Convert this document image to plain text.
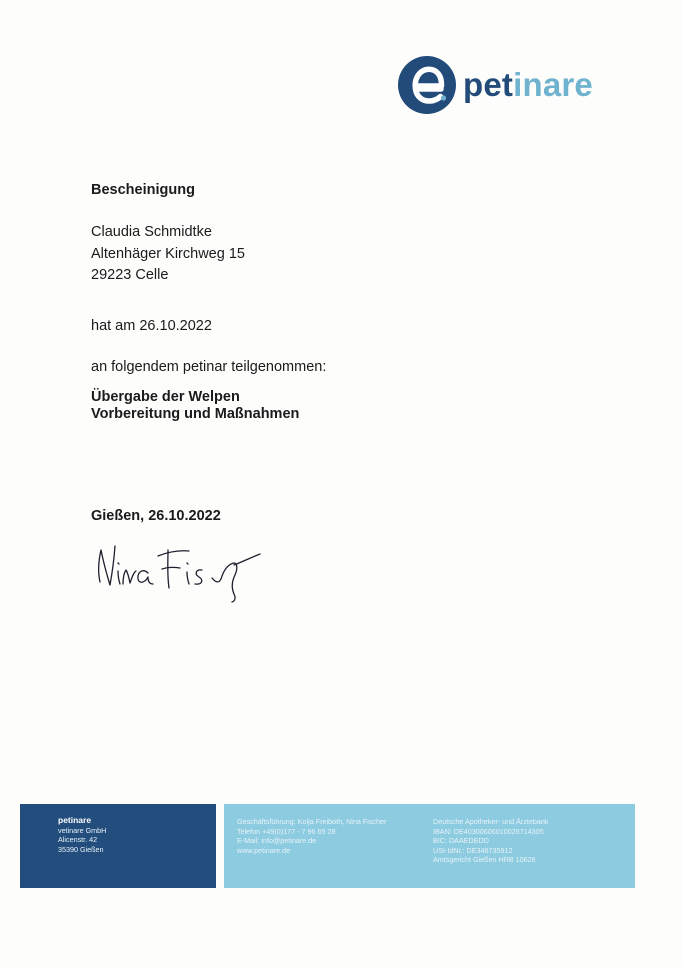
petinare
Bescheinigung
Claudia Schmidtke
Altenhäger Kirchweg 15
29223 Celle
hat am 26.10.2022
an folgendem petinar teilgenommen:
Übergabe der Welpen
Vorbereitung und Maßnahmen
Gießen, 26.10.2022
petinare
vetinare GmbH
Alicenstr. 42
35390 Gießen
Geschäftsführung: Kolja Freiboth, Nina Fischer
Telefon +49(0)177 - 7 96 65 28
E-Mail: info@petinare.de
www.petinare.de
Deutsche Apotheker- und Ärztebank
IBAN: DE40300606010026714305
BIC: DAAEDEDD
USt-IdNr.: DE346735912
Amtsgericht Gießen HRB 10626
